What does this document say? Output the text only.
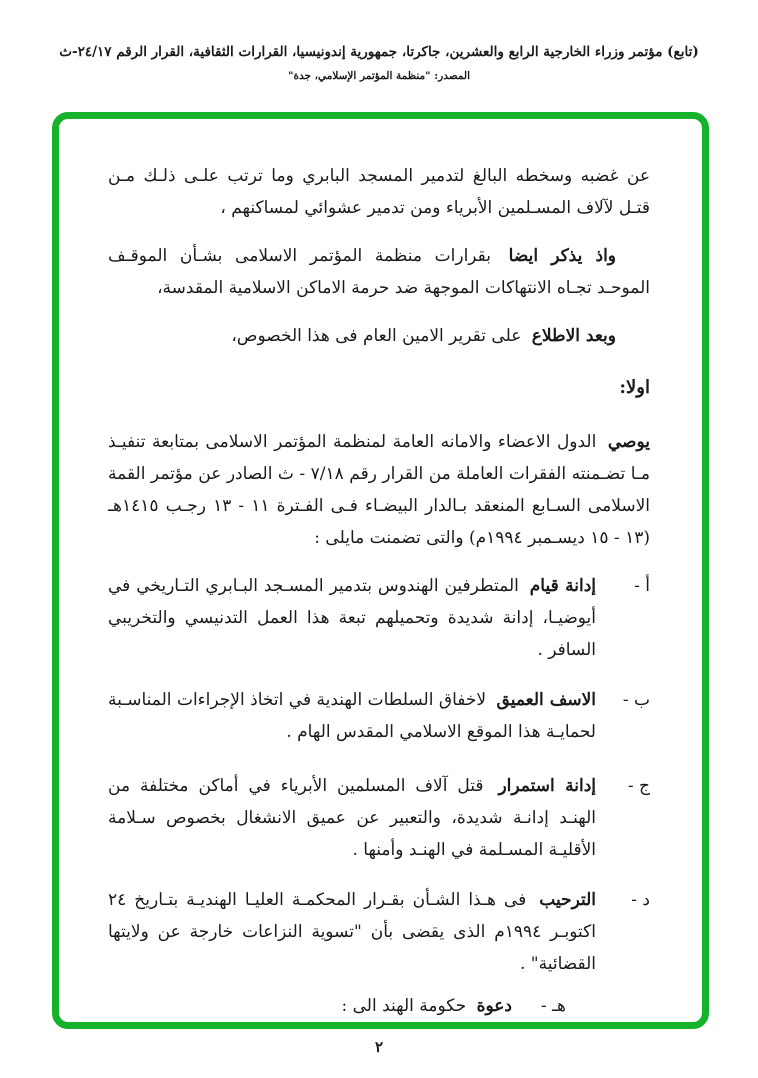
(تابع) مؤتمر وزراء الخارجية الرابع والعشرين، جاكرتا، جمهورية إندونيسيا، القرارات الثقافية، القرار الرقم ٢٤/١٧-ث
المصدر: "منظمة المؤتمر الإسلامي، جدة"

عن غضبه وسخطه البالغ لتدمير المسجد البابري وما ترتب علـى ذلـك مـن قتـل لآلاف المسـلمين الأبرياء ومن تدمير عشوائي لمساكنهم ،

واذ يذكر ايضا بقرارات منظمة المؤتمر الاسلامى بشـأن الموقـف الموحـد تجـاه الانتهاكات الموجهة ضد حرمة الاماكن الاسلامية المقدسة،

وبعد الاطلاع على تقرير الامين العام فى هذا الخصوص،

اولا:

يوصي الدول الاعضاء والامانه العامة لمنظمة المؤتمر الاسلامى بمتابعة تنفيـذ مـا تضـمنته الفقرات العاملة من القرار رقم ٧/١٨ - ث الصادر عن مؤتمر القمة الاسلامى السـابع المنعقد بـالدار البيضـاء فـى الفـترة ١١ - ١٣ رجـب ١٤١٥هـ (١٣ - ١٥ ديسـمبر ١٩٩٤م) والتى تضمنت مايلى :

أ -
إدانة قيام المتطرفين الهندوس بتدمير المسـجد البـابري التـاريخي في أيوضيـا، إدانة شديدة وتحميلهم تبعة هذا العمل التدنيسي والتخريبي السافر .
ب -
الاسف العميق لاخفاق السلطات الهندية في اتخاذ الإجراءات المناسـبة لحمايـة هذا الموقع الاسلامي المقدس الهام .
ج -
إدانة استمرار قتل آلاف المسلمين الأبرياء في أماكن مختلفة من الهنـد إدانـة شديدة، والتعبير عن عميق الانشغال بخصوص سـلامة الأقليـة المسـلمة في الهنـد وأمنها .
د -
الترحيب فى هـذا الشـأن بقـرار المحكمـة العليـا الهنديـة بتـاريخ ٢٤ اكتوبـر ١٩٩٤م الذى يقضى بأن "تسوية النزاعات خارجة عن ولايتها القضائية" .
هـ -
دعوة حكومة الهند الى :
٢
